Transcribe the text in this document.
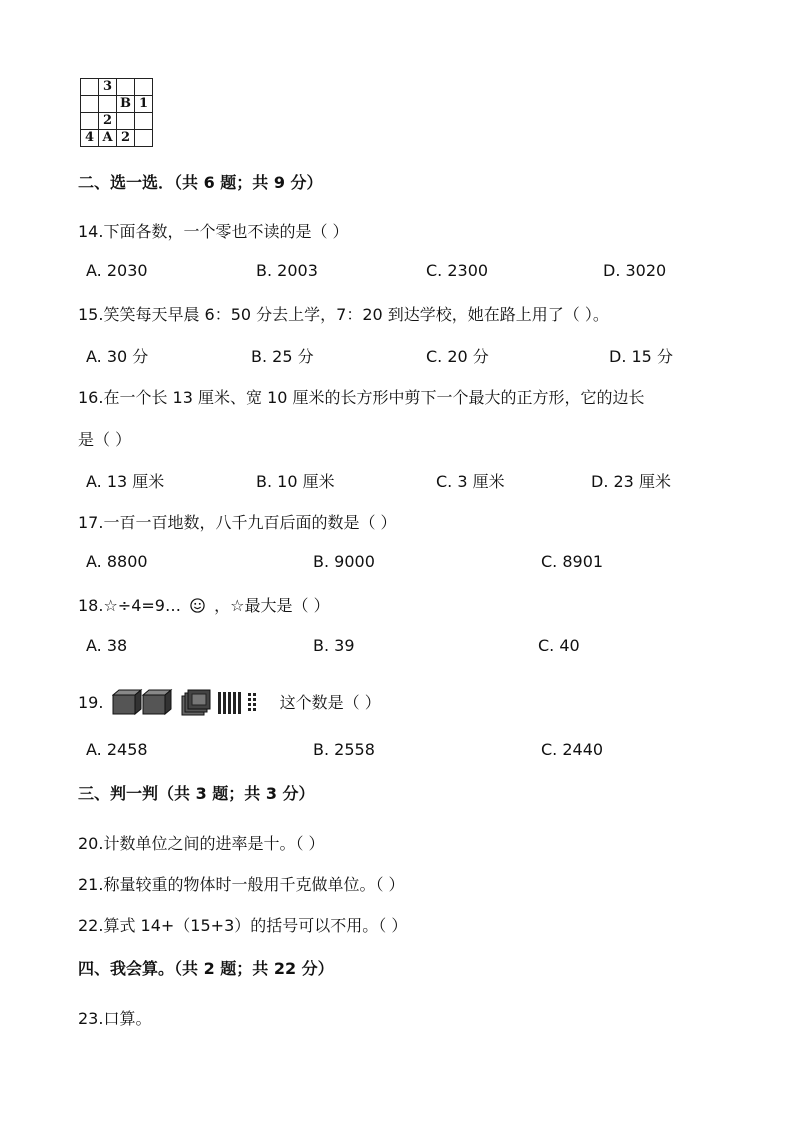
	3		
		B	1
	2		
4	A	2	
二、选一选．（共 6 题；共 9 分）
14.下面各数，一个零也不读的是（ ）
A. 2030	B. 2003	C. 2300	D. 3020
15.笑笑每天早晨 6：50 分去上学，7：20 到达学校，她在路上用了（ ）。
A. 30 分	B. 25 分	C. 20 分	D. 15 分
16.在一个长 13 厘米、宽 10 厘米的长方形中剪下一个最大的正方形，它的边长
是（ ）
A. 13 厘米	B. 10 厘米	C. 3 厘米	D. 23 厘米
17.一百一百地数，八千九百后面的数是（ ）
A. 8800	B. 9000	C. 8901
18.☆÷4=9… ，☆最大是（ ）
A. 38	B. 39	C. 40
19.	这个数是（ ）
A. 2458	B. 2558	C. 2440
三、判一判（共 3 题；共 3 分）
20.计数单位之间的进率是十。（ ）
21.称量较重的物体时一般用千克做单位。（ ）
22.算式 14+（15+3）的括号可以不用。（ ）
四、我会算。（共 2 题；共 22 分）
23.口算。
